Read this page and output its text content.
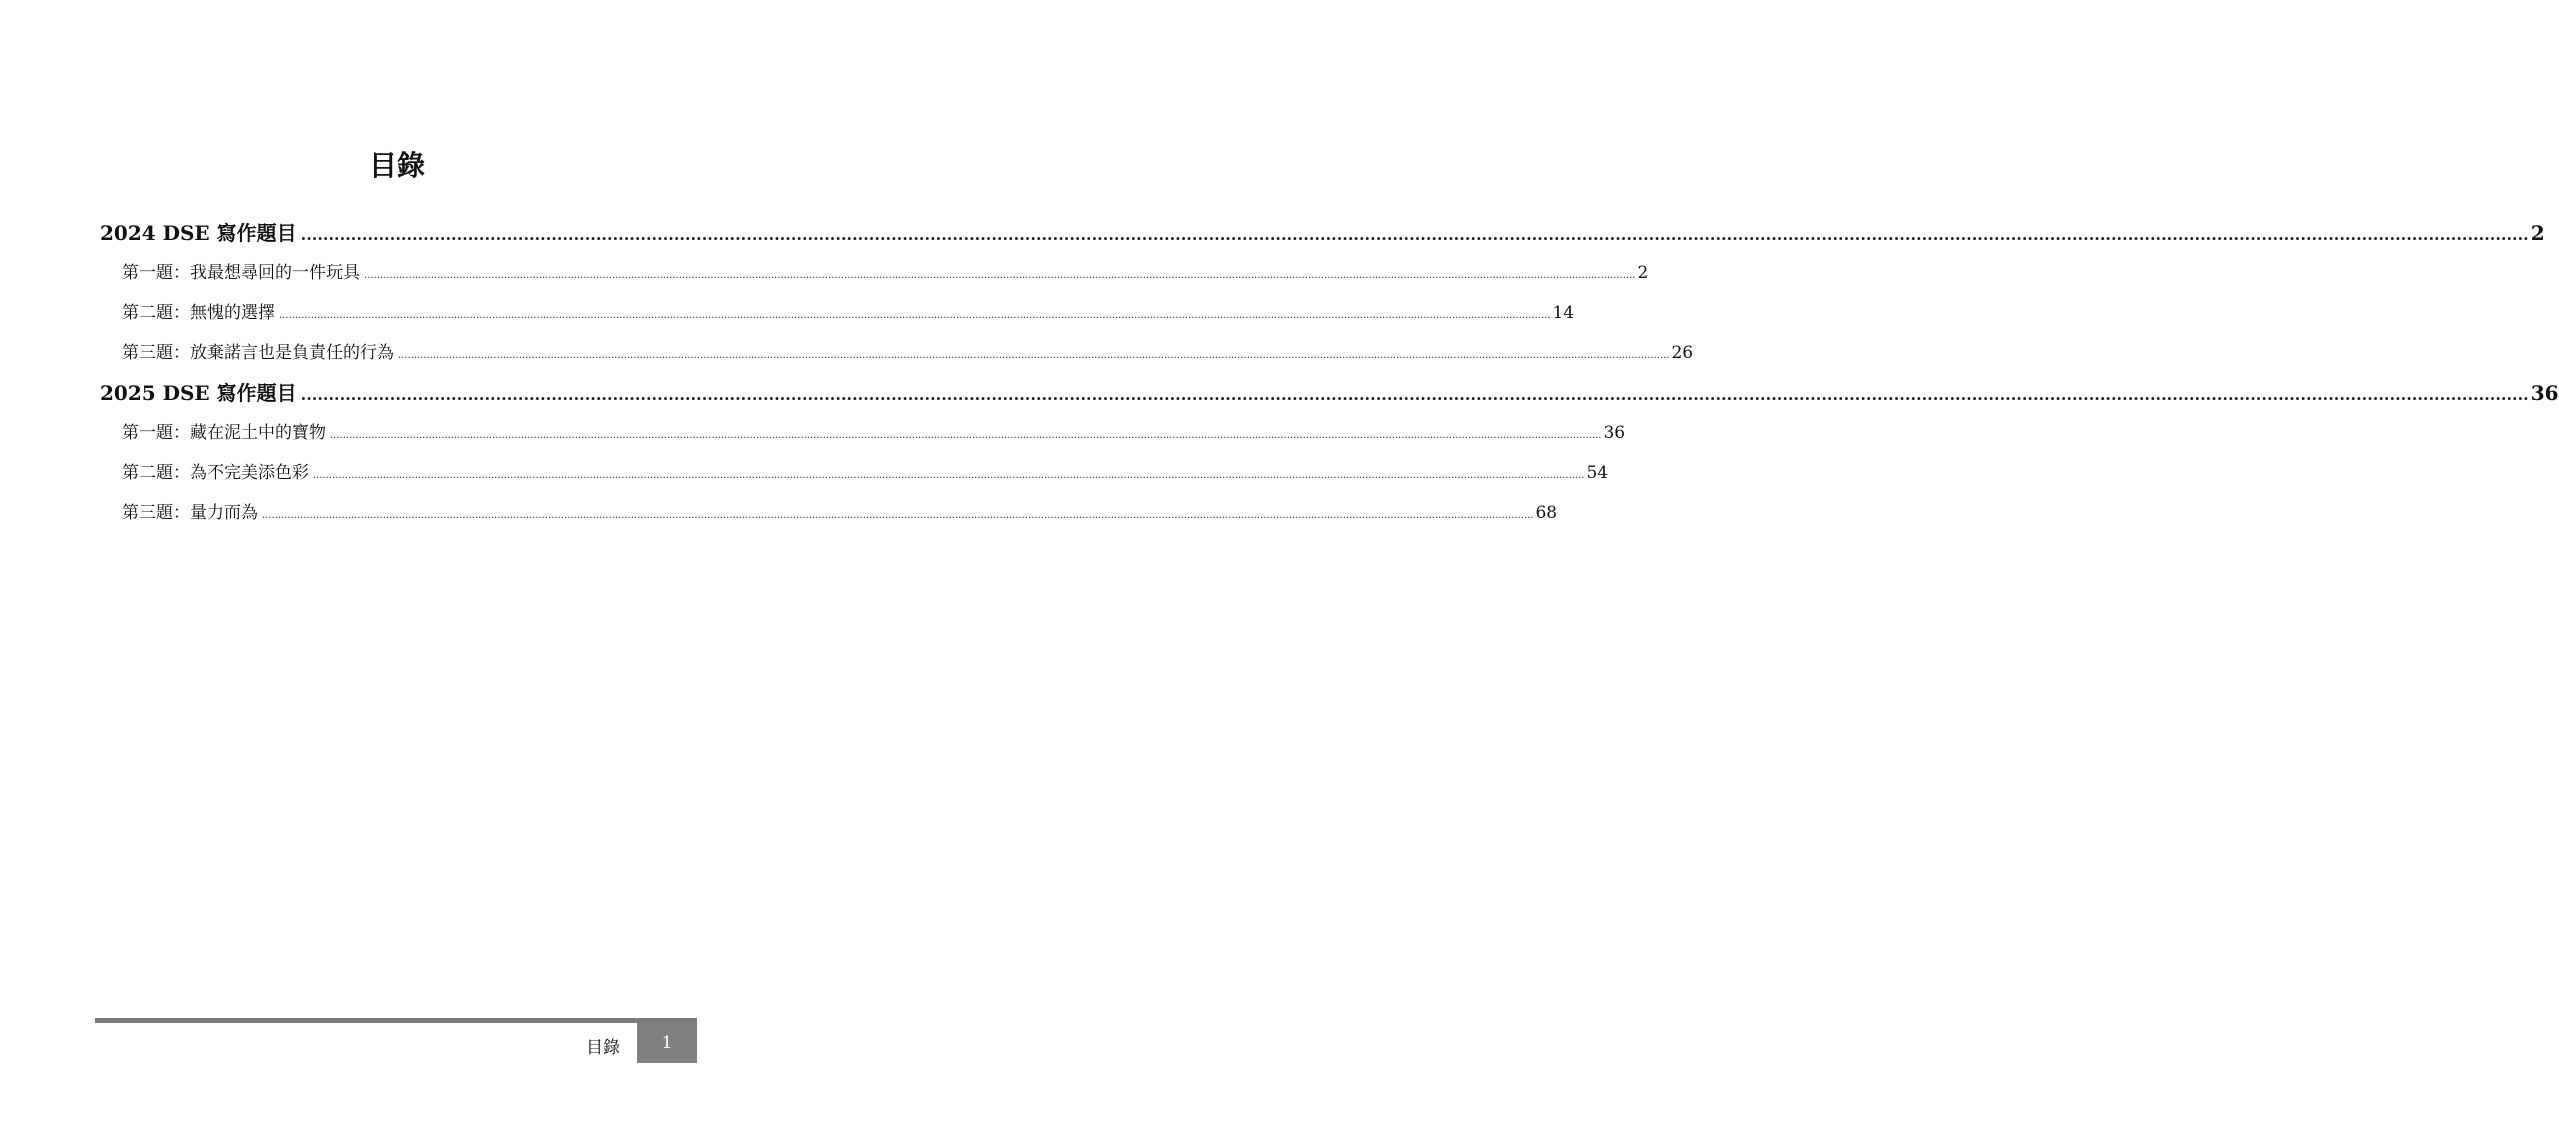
目錄
2024 DSE 寫作題目 ................................................................................................................................................................................................................................................................................................................................................................................................................ 2
第一題：我最想尋回的一件玩具 ................................................................................................................................................................................................................................................................................................................................................................................................................ 2
第二題：無愧的選擇 ................................................................................................................................................................................................................................................................................................................................................................................................................ 14
第三題：放棄諾言也是負責任的行為 ................................................................................................................................................................................................................................................................................................................................................................................................................ 26
2025 DSE 寫作題目 ................................................................................................................................................................................................................................................................................................................................................................................................................ 36
第一題：藏在泥土中的寶物 ................................................................................................................................................................................................................................................................................................................................................................................................................ 36
第二題：為不完美添色彩 ................................................................................................................................................................................................................................................................................................................................................................................................................ 54
第三題：量力而為 ................................................................................................................................................................................................................................................................................................................................................................................................................ 68
目錄	1
